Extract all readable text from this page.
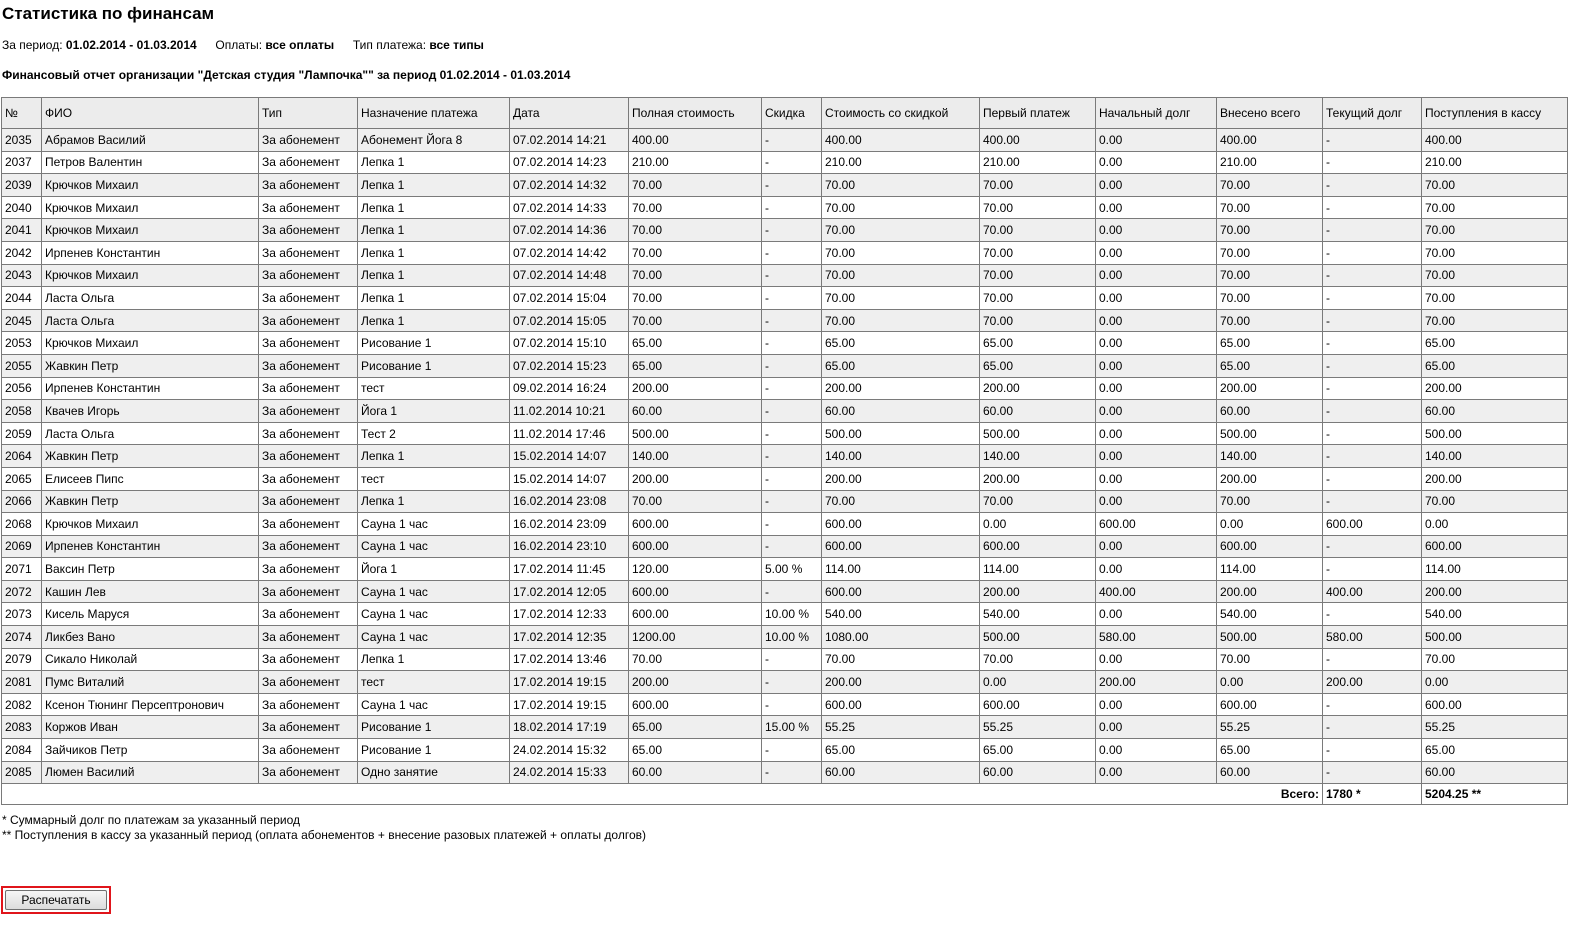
Статистика по финансам
За период: 01.02.2014 - 01.03.2014 Оплаты: все оплаты Тип платежа: все типы
Финансовый отчет организации "Детская студия "Лампочка"" за период 01.02.2014 - 01.03.2014
№	ФИО	Тип	Назначение платежа	Дата	Полная стоимость	Скидка	Стоимость со скидкой	Первый платеж	Начальный долг	Внесено всего	Текущий долг	Поступления в кассу
2035	Абрамов Василий	За абонемент	Абонемент Йога 8	07.02.2014 14:21	400.00	-	400.00	400.00	0.00	400.00	-	400.00
2037	Петров Валентин	За абонемент	Лепка 1	07.02.2014 14:23	210.00	-	210.00	210.00	0.00	210.00	-	210.00
2039	Крючков Михаил	За абонемент	Лепка 1	07.02.2014 14:32	70.00	-	70.00	70.00	0.00	70.00	-	70.00
2040	Крючков Михаил	За абонемент	Лепка 1	07.02.2014 14:33	70.00	-	70.00	70.00	0.00	70.00	-	70.00
2041	Крючков Михаил	За абонемент	Лепка 1	07.02.2014 14:36	70.00	-	70.00	70.00	0.00	70.00	-	70.00
2042	Ирпенев Константин	За абонемент	Лепка 1	07.02.2014 14:42	70.00	-	70.00	70.00	0.00	70.00	-	70.00
2043	Крючков Михаил	За абонемент	Лепка 1	07.02.2014 14:48	70.00	-	70.00	70.00	0.00	70.00	-	70.00
2044	Ласта Ольга	За абонемент	Лепка 1	07.02.2014 15:04	70.00	-	70.00	70.00	0.00	70.00	-	70.00
2045	Ласта Ольга	За абонемент	Лепка 1	07.02.2014 15:05	70.00	-	70.00	70.00	0.00	70.00	-	70.00
2053	Крючков Михаил	За абонемент	Рисование 1	07.02.2014 15:10	65.00	-	65.00	65.00	0.00	65.00	-	65.00
2055	Жавкин Петр	За абонемент	Рисование 1	07.02.2014 15:23	65.00	-	65.00	65.00	0.00	65.00	-	65.00
2056	Ирпенев Константин	За абонемент	тест	09.02.2014 16:24	200.00	-	200.00	200.00	0.00	200.00	-	200.00
2058	Квачев Игорь	За абонемент	Йога 1	11.02.2014 10:21	60.00	-	60.00	60.00	0.00	60.00	-	60.00
2059	Ласта Ольга	За абонемент	Тест 2	11.02.2014 17:46	500.00	-	500.00	500.00	0.00	500.00	-	500.00
2064	Жавкин Петр	За абонемент	Лепка 1	15.02.2014 14:07	140.00	-	140.00	140.00	0.00	140.00	-	140.00
2065	Елисеев Пипс	За абонемент	тест	15.02.2014 14:07	200.00	-	200.00	200.00	0.00	200.00	-	200.00
2066	Жавкин Петр	За абонемент	Лепка 1	16.02.2014 23:08	70.00	-	70.00	70.00	0.00	70.00	-	70.00
2068	Крючков Михаил	За абонемент	Сауна 1 час	16.02.2014 23:09	600.00	-	600.00	0.00	600.00	0.00	600.00	0.00
2069	Ирпенев Константин	За абонемент	Сауна 1 час	16.02.2014 23:10	600.00	-	600.00	600.00	0.00	600.00	-	600.00
2071	Ваксин Петр	За абонемент	Йога 1	17.02.2014 11:45	120.00	5.00 %	114.00	114.00	0.00	114.00	-	114.00
2072	Кашин Лев	За абонемент	Сауна 1 час	17.02.2014 12:05	600.00	-	600.00	200.00	400.00	200.00	400.00	200.00
2073	Кисель Маруся	За абонемент	Сауна 1 час	17.02.2014 12:33	600.00	10.00 %	540.00	540.00	0.00	540.00	-	540.00
2074	Ликбез Вано	За абонемент	Сауна 1 час	17.02.2014 12:35	1200.00	10.00 %	1080.00	500.00	580.00	500.00	580.00	500.00
2079	Сикало Николай	За абонемент	Лепка 1	17.02.2014 13:46	70.00	-	70.00	70.00	0.00	70.00	-	70.00
2081	Пумс Виталий	За абонемент	тест	17.02.2014 19:15	200.00	-	200.00	0.00	200.00	0.00	200.00	0.00
2082	Ксенон Тюнинг Персептронович	За абонемент	Сауна 1 час	17.02.2014 19:15	600.00	-	600.00	600.00	0.00	600.00	-	600.00
2083	Коржов Иван	За абонемент	Рисование 1	18.02.2014 17:19	65.00	15.00 %	55.25	55.25	0.00	55.25	-	55.25
2084	Зайчиков Петр	За абонемент	Рисование 1	24.02.2014 15:32	65.00	-	65.00	65.00	0.00	65.00	-	65.00
2085	Люмен Василий	За абонемент	Одно занятие	24.02.2014 15:33	60.00	-	60.00	60.00	0.00	60.00	-	60.00
Всего:											1780 *	5204.25 **
* Суммарный долг по платежам за указанный период
** Поступления в кассу за указанный период (оплата абонементов + внесение разовых платежей + оплаты долгов)
Распечатать
